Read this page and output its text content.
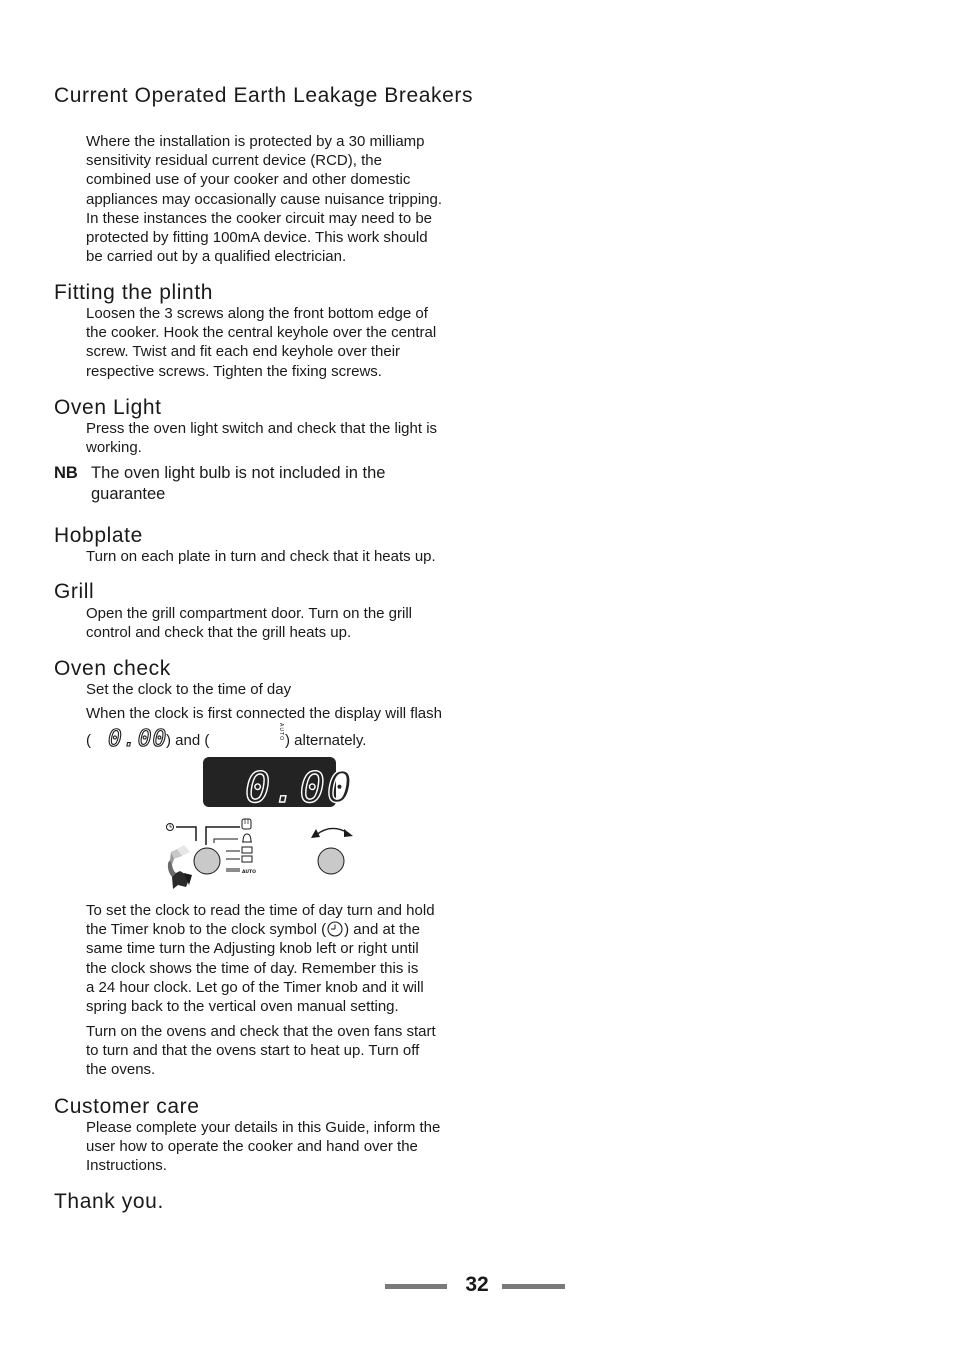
Current Operated Earth Leakage Breakers
Where the installation is protected by a 30 milliamp
sensitivity residual current device (RCD), the
combined use of your cooker and other domestic
appliances may occasionally cause nuisance tripping.
In these instances the cooker circuit may need to be
protected by fitting 100mA device. This work should
be carried out by a qualified electrician.
Fitting the plinth
Loosen the 3 screws along the front bottom edge of
the cooker. Hook the central keyhole over the central
screw. Twist and fit each end keyhole over their
respective screws. Tighten the fixing screws.
Oven Light
Press the oven light switch and check that the light is
working.
NB The oven light bulb is not included in the
guarantee
Hobplate
Turn on each plate in turn and check that it heats up.
Grill
Open the grill compartment door. Turn on the grill
control and check that the grill heats up.
Oven check
Set the clock to the time of day
When the clock is first connected the display will flash
( 0.00
) and (	AUTO ) alternately.
0.00
AUTO
To set the clock to read the time of day turn and hold
the Timer knob to the clock symbol ( ) and at the
same time turn the Adjusting knob left or right until
the clock shows the time of day. Remember this is
a 24 hour clock. Let go of the Timer knob and it will
spring back to the vertical oven manual setting.
Turn on the ovens and check that the oven fans start
to turn and that the ovens start to heat up. Turn off
the ovens.
Customer care
Please complete your details in this Guide, inform the
user how to operate the cooker and hand over the
Instructions.
Thank you.
32
